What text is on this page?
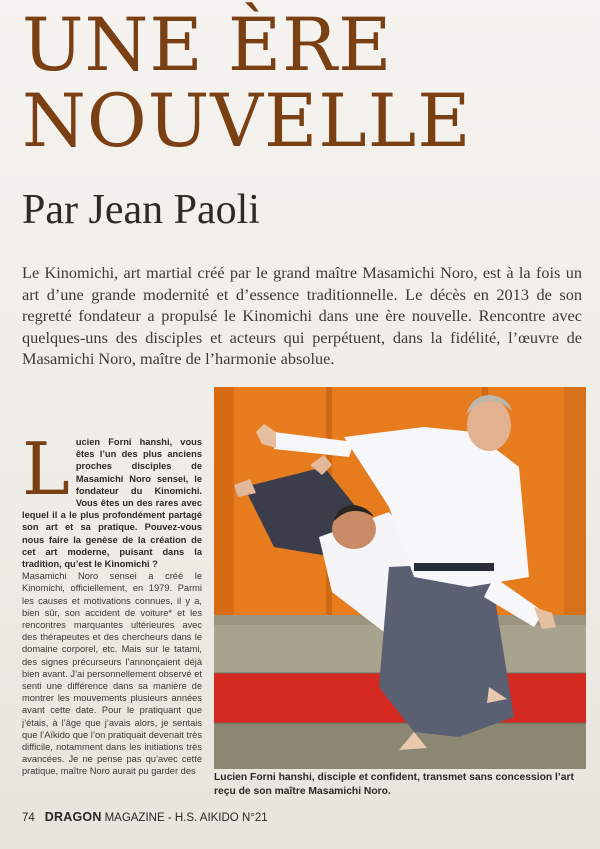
UNE ÈRE
NOUVELLE
Par Jean Paoli

Le Kinomichi, art martial créé par le grand maître Masamichi Noro, est à la fois un art d’une grande modernité et d’essence traditionnelle. Le décès en 2013 de son regretté fondateur a propulsé le Kinomichi dans une ère nouvelle. Rencontre avec quelques-uns des disciples et acteurs qui perpétuent, dans la fidélité, l’œuvre de Masamichi Noro, maître de l’harmonie absolue.

L ucien Forni hanshi, vous êtes l’un des plus anciens proches disciples de Masamichi Noro sensei, le fondateur du Kinomichi. Vous êtes un des rares avec lequel il a le plus profondément partagé son art et sa pratique. Pouvez-vous nous faire la genèse de la création de cet art moderne, puisant dans la tradition, qu’est le Kinomichi ?

Masamichi Noro sensei a créé le Kinomichi, officiellement, en 1979. Parmi les causes et motivations connues, il y a, bien sûr, son accident de voiture* et les rencontres marquantes ultérieures avec des thérapeutes et des chercheurs dans le domaine corporel, etc. Mais sur le tatami, des signes précurseurs l’annonçaient déjà bien avant. J’ai personnellement observé et senti une différence dans sa manière de montrer les mouvements plusieurs années avant cette date. Pour le pratiquant que j’étais, à l’âge que j’avais alors, je sentais que l’Aïkido que l’on pratiquait devenait très difficile, notamment dans les initiations très avancées. Je ne pense pas qu’avec cette pratique, maître Noro aurait pu garder des

Lucien Forni hanshi, disciple et confident, transmet sans concession l’art reçu de son maître Masamichi Noro.

74 DRAGON MAGAZINE - H.S. AIKIDO N°21
